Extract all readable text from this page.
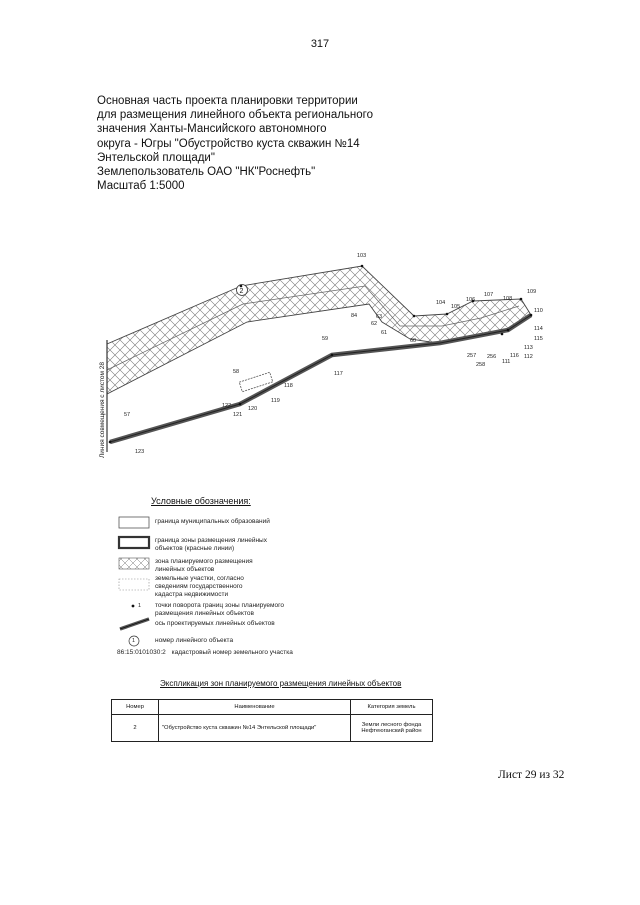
317
Основная часть проекта планировки территории
для размещения линейного объекта регионального
значения Ханты-Мансийского автономного
округа - Югры "Обустройство куста скважин №14
Энтельской площади"
Землепользователь ОАО "НК"Роснефть"
Масштаб 1:5000
Линия совмещения с листом 28
2
103
104
105
106
107
108
109
110
114
115
113
112
116
111
256
257
258
84	63
62
61
60
59
117
58
118
119
120
122
121
57
123
Условные обозначения:
1
1
граница муниципальных образований
граница зоны размещения линейных объектов (красные линии)
зона планируемого размещения линейных объектов
земельные участки, согласно сведениям государственного кадастра недвижимости
точки поворота границ зоны планируемого размещения линейных объектов
ось проектируемых линейных объектов
номер линейного объекта
86:15:0101030:2 кадастровый номер земельного участка
Экспликация зон планируемого размещения линейных объектов
Номер	Наименование	Категория земель
2	"Обустройство куста скважин №14 Энтельской площади"	Земли лесного фонда Нефтеюганский район
Лист 29 из 32
